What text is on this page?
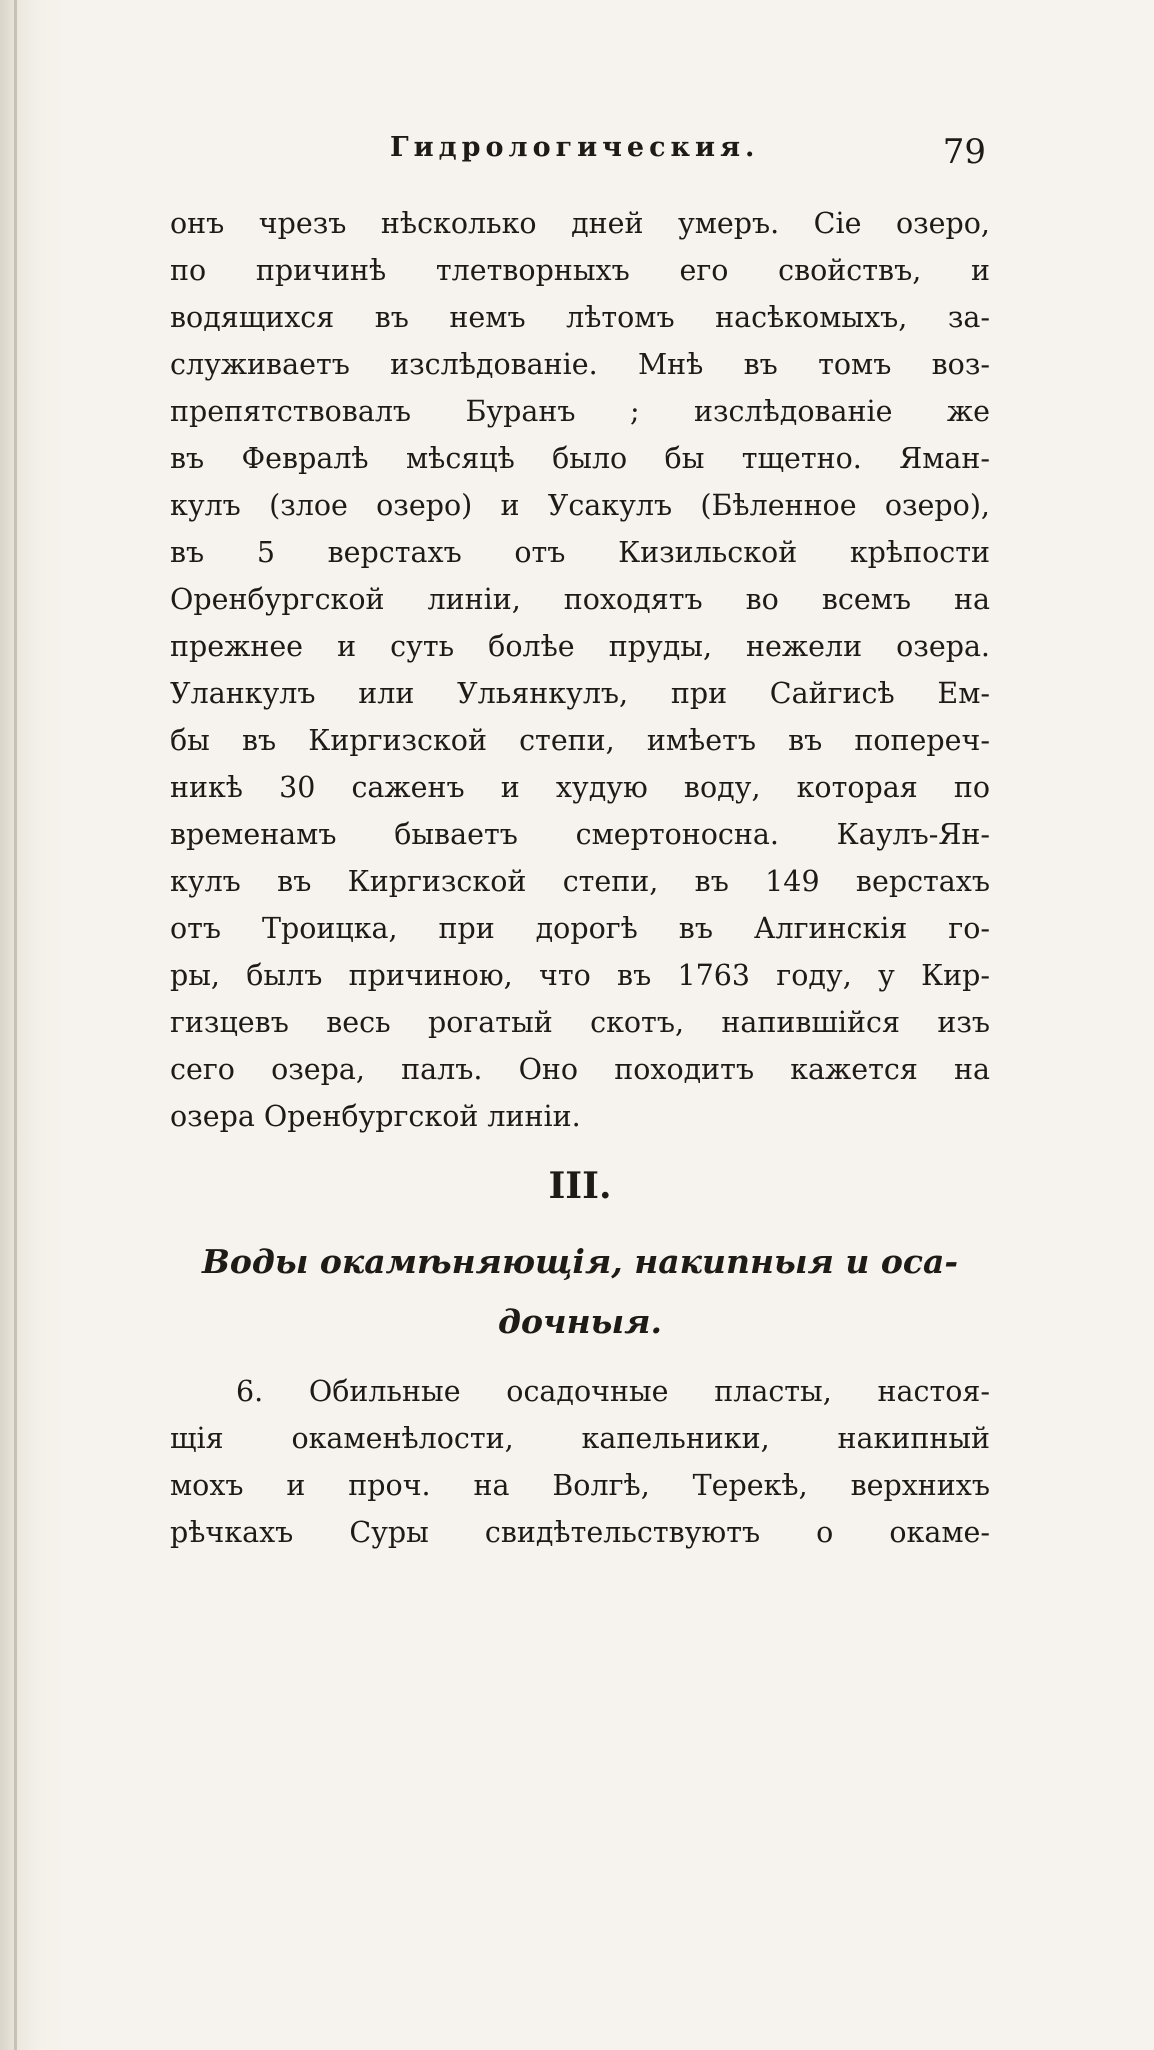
Гидрологическия.	79
онъ чрезъ нѣсколько дней умеръ. Сіе озеро,
по причинѣ тлетворныхъ его свойствъ, и
водящихся въ немъ лѣтомъ насѣкомыхъ, за-
служиваетъ изслѣдованіе. Мнѣ въ томъ воз-
препятствовалъ Буранъ ; изслѣдованіе же
въ Февралѣ мѣсяцѣ было бы тщетно. Яман-
кулъ (злое озеро) и Усакулъ (Бѣленное озеро),
въ 5 верстахъ отъ Кизильской крѣпости
Оренбургской линіи, походятъ во всемъ на
прежнее и суть болѣе пруды, нежели озера.
Уланкулъ или Ульянкулъ, при Сайгисѣ Ем-
бы въ Киргизской степи, имѣетъ въ попереч-
никѣ 30 саженъ и худую воду, которая по
временамъ бываетъ смертоносна. Каулъ-Ян-
кулъ въ Киргизской степи, въ 149 верстахъ
отъ Троицка, при дорогѣ въ Алгинскія го-
ры, былъ причиною, что въ 1763 году, у Кир-
гизцевъ весь рогатый скотъ, напившійся изъ
сего озера, палъ. Оно походитъ кажется на
озера Оренбургской линіи.
III.
Воды окамѣняющія, накипныя и оса-
дочныя.
6. Обильные осадочные пласты, настоя-
щія окаменѣлости, капельники, накипный
мохъ и проч. на Волгѣ, Терекѣ, верхнихъ
рѣчкахъ Суры свидѣтельствуютъ о окаме-
